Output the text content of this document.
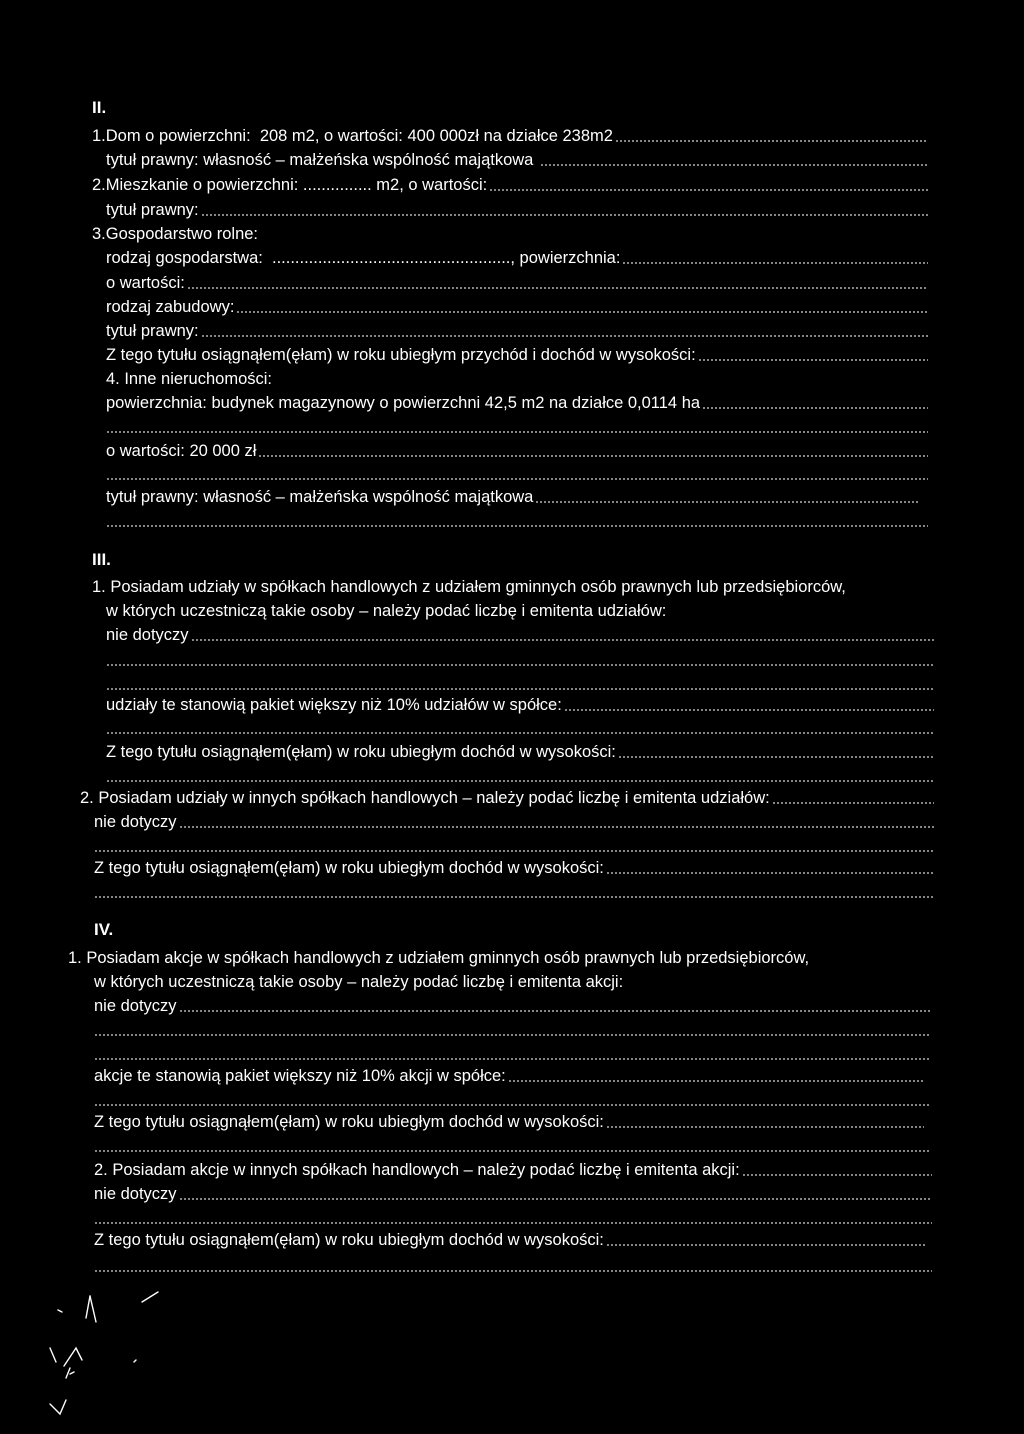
II.
1.Dom o powierzchni:  208 m2, o wartości: 400 000zł na działce 238m2
tytuł prawny: własność – małżeńska wspólność majątkowa
2.Mieszkanie o powierzchni: ............... m2, o wartości:
tytuł prawny:
3.Gospodarstwo rolne:
rodzaj gospodarstwa:  ...................................................., powierzchnia:
o wartości:
rodzaj zabudowy:
tytuł prawny:
Z tego tytułu osiągnąłem(ęłam) w roku ubiegłym przychód i dochód w wysokości:
4. Inne nieruchomości:
powierzchnia: budynek magazynowy o powierzchni 42,5 m2 na działce 0,0114 ha
o wartości: 20 000 zł
tytuł prawny: własność – małżeńska wspólność majątkowa
III.
1. Posiadam udziały w spółkach handlowych z udziałem gminnych osób prawnych lub przedsiębiorców,
w których uczestniczą takie osoby – należy podać liczbę i emitenta udziałów:
nie dotyczy
udziały te stanowią pakiet większy niż 10% udziałów w spółce:
Z tego tytułu osiągnąłem(ęłam) w roku ubiegłym dochód w wysokości:
2. Posiadam udziały w innych spółkach handlowych – należy podać liczbę i emitenta udziałów:
nie dotyczy
Z tego tytułu osiągnąłem(ęłam) w roku ubiegłym dochód w wysokości:
IV.
1. Posiadam akcje w spółkach handlowych z udziałem gminnych osób prawnych lub przedsiębiorców,
w których uczestniczą takie osoby – należy podać liczbę i emitenta akcji:
nie dotyczy
akcje te stanowią pakiet większy niż 10% akcji w spółce:
Z tego tytułu osiągnąłem(ęłam) w roku ubiegłym dochód w wysokości:
2. Posiadam akcje w innych spółkach handlowych – należy podać liczbę i emitenta akcji:
nie dotyczy
Z tego tytułu osiągnąłem(ęłam) w roku ubiegłym dochód w wysokości:
